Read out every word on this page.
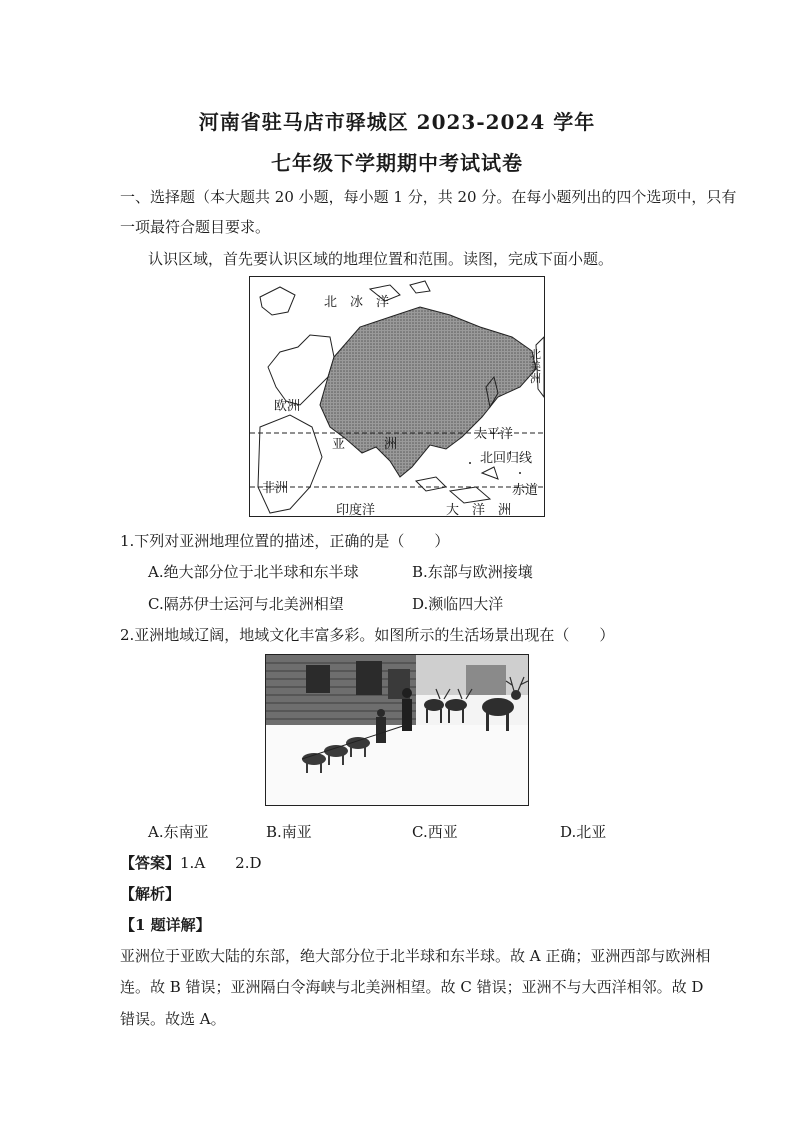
河南省驻马店市驿城区 2023-2024 学年
七年级下学期期中考试试卷
一、选择题（本大题共 20 小题，每小题 1 分，共 20 分。在每小题列出的四个选项中，只有
一项最符合题目要求。
认识区域，首先要认识区域的地理位置和范围。读图，完成下面小题。
北　冰　洋
欧洲
亚　　　洲
太平洋
北回归线
非洲
印度洋
赤道
大　洋　洲
北美洲
1.下列对亚洲地理位置的描述，正确的是（　　）
A.绝大部分位于北半球和东半球	B.东部与欧洲接壤
C.隔苏伊士运河与北美洲相望	D.濒临四大洋
2.亚洲地域辽阔，地域文化丰富多彩。如图所示的生活场景出现在（　　）
A.东南亚	B.南亚	C.西亚	D.北亚
【答案】1.A　　2.D
【解析】
【1 题详解】
亚洲位于亚欧大陆的东部，绝大部分位于北半球和东半球。故 A 正确；亚洲西部与欧洲相
连。故 B 错误；亚洲隔白令海峡与北美洲相望。故 C 错误；亚洲不与大西洋相邻。故 D
错误。故选 A。
